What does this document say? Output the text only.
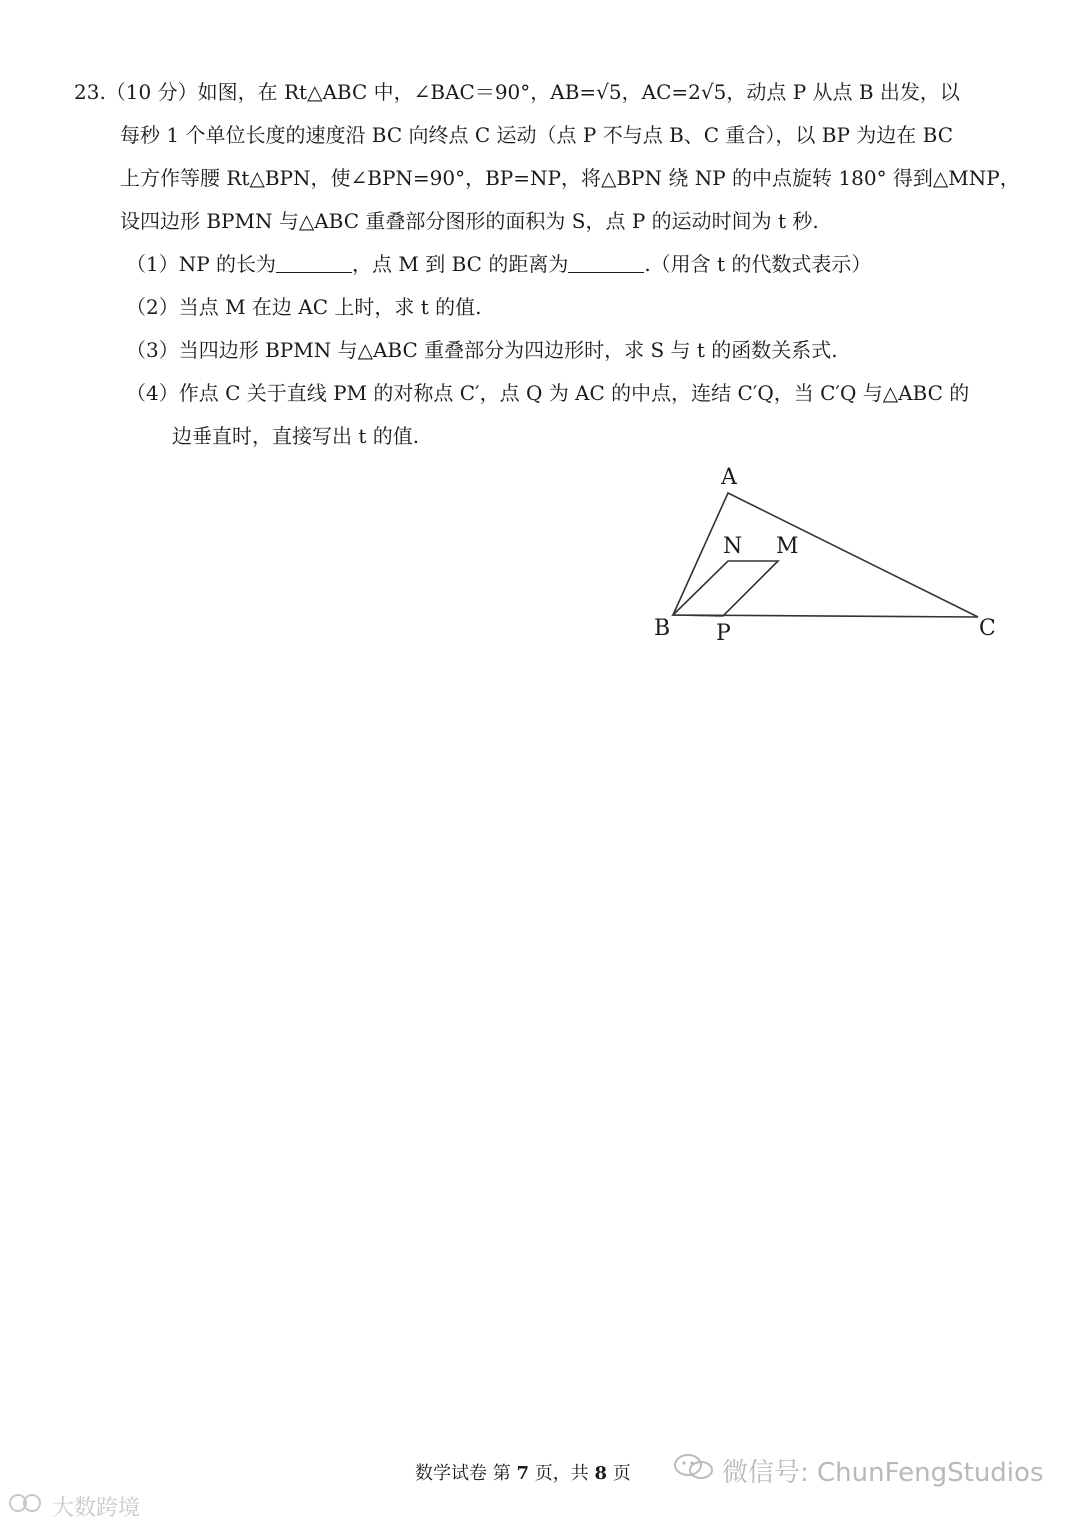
23.（10 分）如图，在 Rt△ABC 中，∠BAC＝90°，AB=√5，AC=2√5，动点 P 从点 B 出发，以
每秒 1 个单位长度的速度沿 BC 向终点 C 运动（点 P 不与点 B、C 重合），以 BP 为边在 BC
上方作等腰 Rt△BPN，使∠BPN=90°，BP=NP，将△BPN 绕 NP 的中点旋转 180° 得到△MNP，
设四边形 BPMN 与△ABC 重叠部分图形的面积为 S，点 P 的运动时间为 t 秒.
（1）NP 的长为	，点 M 到 BC 的距离为	.（用含 t 的代数式表示）
（2）当点 M 在边 AC 上时，求 t 的值.
（3）当四边形 BPMN 与△ABC 重叠部分为四边形时，求 S 与 t 的函数关系式.
（4）作点 C 关于直线 PM 的对称点 C′，点 Q 为 AC 的中点，连结 C′Q，当 C′Q 与△ABC 的
边垂直时，直接写出 t 的值.
A
B	C
N M
P
数学试卷 第 7 页，共 8 页	微信号: ChunFengStudios
大数跨境
